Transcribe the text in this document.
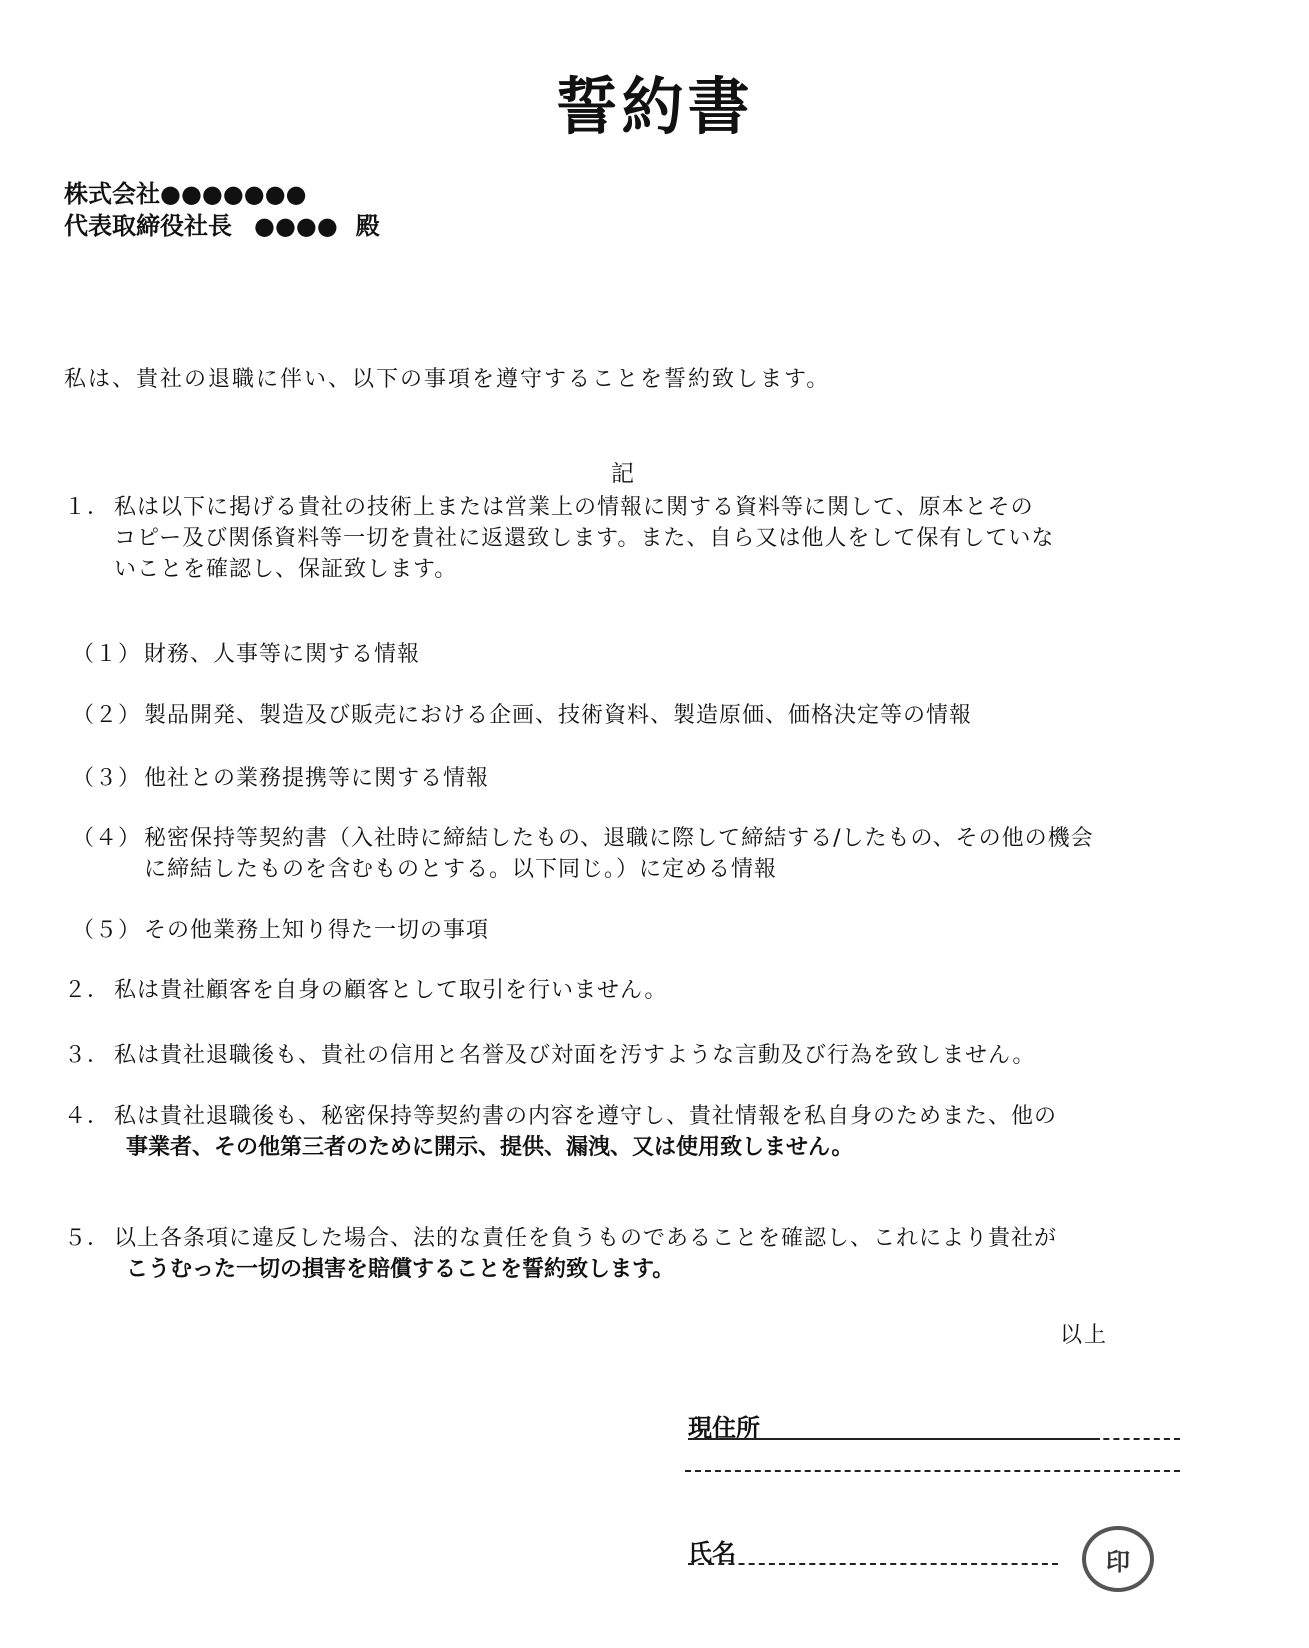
誓約書
株式会社●●●●●●●
代表取締役社長 ●●●● 殿
私は、貴社の退職に伴い、以下の事項を遵守することを誓約致します。
記
１． 私は以下に掲げる貴社の技術上または営業上の情報に関する資料等に関して、原本とその
コピー及び関係資料等一切を貴社に返還致します。また、自ら又は他人をして保有していな
いことを確認し、保証致します。
（１） 財務、人事等に関する情報
（２） 製品開発、製造及び販売における企画、技術資料、製造原価、価格決定等の情報
（３） 他社との業務提携等に関する情報
（４） 秘密保持等契約書（入社時に締結したもの、退職に際して締結する/したもの、その他の機会
に締結したものを含むものとする。以下同じ。）に定める情報
（５） その他業務上知り得た一切の事項
２． 私は貴社顧客を自身の顧客として取引を行いません。
３． 私は貴社退職後も、貴社の信用と名誉及び対面を汚すような言動及び行為を致しません。
４． 私は貴社退職後も、秘密保持等契約書の内容を遵守し、貴社情報を私自身のためまた、他の
事業者、その他第三者のために開示、提供、漏洩、又は使用致しません。
５． 以上各条項に違反した場合、法的な責任を負うものであることを確認し、これにより貴社が
こうむった一切の損害を賠償することを誓約致します。
以上
現住所
氏名	印
